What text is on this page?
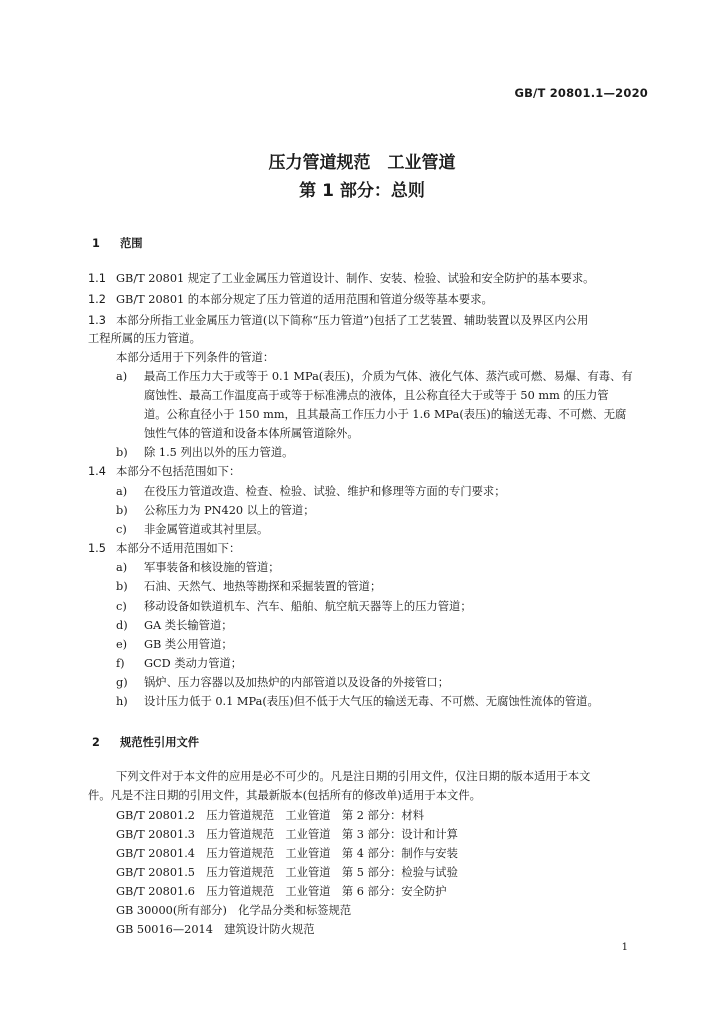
GB/T 20801.1—2020
压力管道规范　工业管道
第 1 部分：总则
1 范围
1.1 GB/T 20801 规定了工业金属压力管道设计、制作、安装、检验、试验和安全防护的基本要求。
1.2 GB/T 20801 的本部分规定了压力管道的适用范围和管道分级等基本要求。
1.3 本部分所指工业金属压力管道(以下简称“压力管道”)包括了工艺装置、辅助装置以及界区内公用
工程所属的压力管道。
本部分适用于下列条件的管道：
a) 最高工作压力大于或等于 0.1 MPa(表压)，介质为气体、液化气体、蒸汽或可燃、易爆、有毒、有
腐蚀性、最高工作温度高于或等于标准沸点的液体，且公称直径大于或等于 50 mm 的压力管
道。公称直径小于 150 mm，且其最高工作压力小于 1.6 MPa(表压)的输送无毒、不可燃、无腐
蚀性气体的管道和设备本体所属管道除外。
b) 除 1.5 列出以外的压力管道。
1.4 本部分不包括范围如下：
a) 在役压力管道改造、检查、检验、试验、维护和修理等方面的专门要求；
b) 公称压力为 PN420 以上的管道；
c) 非金属管道或其衬里层。
1.5 本部分不适用范围如下：
a) 军事装备和核设施的管道；
b) 石油、天然气、地热等勘探和采掘装置的管道；
c) 移动设备如铁道机车、汽车、船舶、航空航天器等上的压力管道；
d) GA 类长输管道；
e) GB 类公用管道；
f) GCD 类动力管道；
g) 锅炉、压力容器以及加热炉的内部管道以及设备的外接管口；
h) 设计压力低于 0.1 MPa(表压)但不低于大气压的输送无毒、不可燃、无腐蚀性流体的管道。
2 规范性引用文件
下列文件对于本文件的应用是必不可少的。凡是注日期的引用文件，仅注日期的版本适用于本文
件。凡是不注日期的引用文件，其最新版本(包括所有的修改单)适用于本文件。
GB/T 20801.2　压力管道规范　工业管道　第 2 部分：材料
GB/T 20801.3　压力管道规范　工业管道　第 3 部分：设计和计算
GB/T 20801.4　压力管道规范　工业管道　第 4 部分：制作与安装
GB/T 20801.5　压力管道规范　工业管道　第 5 部分：检验与试验
GB/T 20801.6　压力管道规范　工业管道　第 6 部分：安全防护
GB 30000(所有部分)　化学品分类和标签规范
GB 50016—2014　建筑设计防火规范
1
